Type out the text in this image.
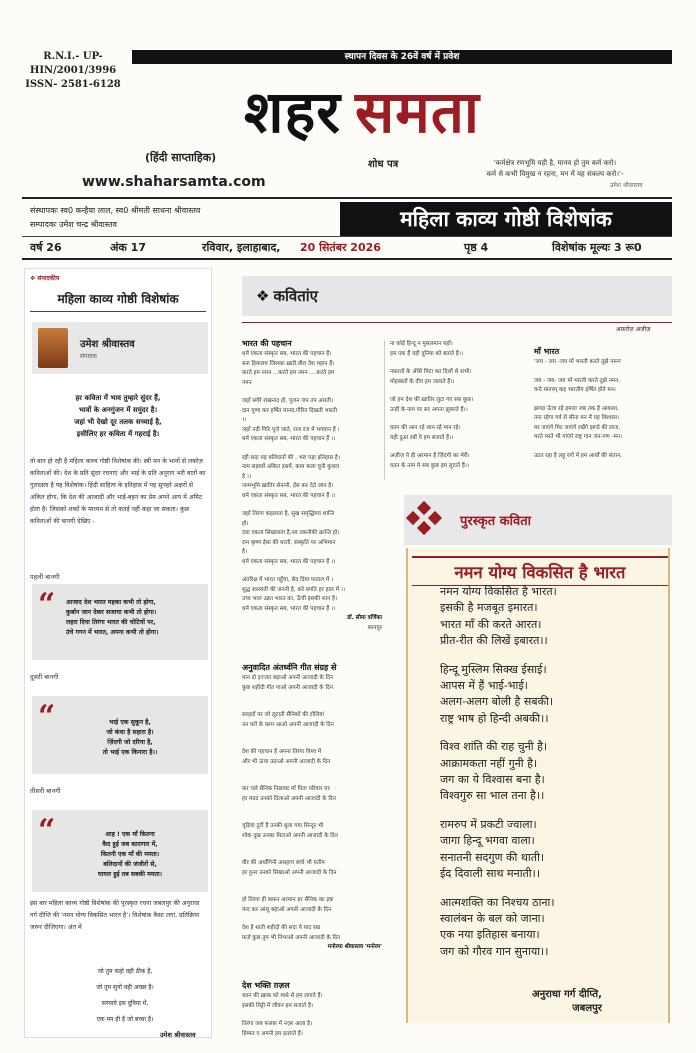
R.N.I.- UP-
HIN/2001/3996
ISSN- 2581-6128
स्थापन दिवस के 26वें वर्ष में प्रवेश
शहर समता
(हिंदी साप्ताहिक)
www.shaharsamta.com
शोध पत्र	'कर्मक्षेत्र रणभूमि यही है, मानव हो तुम कर्म करो।
कर्म से कभी विमुख न रहना, मन में यह संकल्प करो।'-
उमेश श्रीवास्तव
संस्थापकः स्व0 कन्हैया लाल, स्व0 श्रीमती साधना श्रीवास्तव
सम्पादकः उमेश चन्द्र श्रीवास्तव	महिला काव्य गोष्ठी विशेषांक
वर्ष 26	अंक 17	रविवार, इलाहाबाद, 20 सितंबर 2026	पृष्ठ 4	विशेषांक मूल्यः 3 रू0
❖ संपादकीय
महिला काव्य गोष्ठी विशेषांक
उमेश श्रीवास्तव
संपादक
हर कविता में भाव तुम्हारे सुंदर हैं,
भावों के अनगुंजन में समुंदर है।
जहां भी देखो दूर तलक सच्चाई है,
इसीलिए हर कविता में गहराई है।
तो बात हो रही है महिला काव्य गोष्ठी विशेषांक की। स्त्री मन के भावों से लबरेज़ कविताओं की। देश के प्रति सुंदर रचनाएं और भाई के प्रति अनुराग भरी बातों का गुलदस्ता है यह विशेषांक। हिंदी साहित्य के इतिहास में यह सुनहरे अक्षरों से अंकित होगा, कि देश की आजादी और भाई-बहन का प्रेम अपने आप में अमिट होता है। जिसको शब्दों के माध्यम से तो कतई नहीं कहा जा सकता। कुछ कविताओं की बानगी देखिए -
पहली बानगी
“ आजाद देश भारत महका कभी तो होगा,
कुर्बान जान देकर सजाया कभी तो होगा।
लहरा दिया तिरंगा भारत की चोटियों पर,
उंचे गगन में भारत, अपना कभी तो होगा।
दूसरी बानगी
“	भाई एक सुकून है,
जो कंधा है सहारा है।
ज़िंदगी जो दरिया है,
तो भाई एक किनारा है।।
तीसरी बानगी
“	आह ! एक माँ कितना
कैद हुई जब कारागार में,
कितनी एक माँ की ममता।
बलिदानों की जंजीरों से,
घायल हुई तब सबकी ममता।
इस बार महिला काव्य गोष्ठी विशेषांक की पुरस्कृत रचना जबलपुर की अनुराधा गर्ग दीप्ति की 'नमन योग्य विकसित भारत है'। विशेषांक कैसा लगा, प्रतिक्रिया जरूर दीजिएगा। अंत में
जो तुम कहो वही ठीक है,
जो तुम सुनो वही अच्छा है।
सरमाये इस दुनिया में,
एक मन ही है जो बच्चा है।
उमेश श्रीवास्तव
❖ कवितांए
अफ़रोज़ अज़ीज़
भारत की पहचान
धर्म एकता संस्कृत सब, भारत की पहचान हैं।
बना हिमालय जिसका ख़ारी,वीरा देश महान हैं।
करते हम नमन ...करते हम नमन ....करते हम
नमन
जहाँ सवेरे शंखनाद हो, पूजन जप तप आरती।
दान पुण्य कर हर्षित मानव,गौरित दिखती भारती
।।
जहाँ नदी गिरि पूजे जाते, राज रज में भगवान हैं ।
धर्म एकता संस्कृत सब, भारत की पहचान हैं ।।
रही सदा यह बलिदानों की , भरा पड़ा इतिहास है।
नाम सहस्त्रों अंकित इसमें, काम कला घुनी कुशल
है ।।
जन्मभूमि ख़ातिर सेनानी, हँस कर देते जान है।
धर्म एकता संस्कृत सब, भारत की पहचान हैं ।।
जहाँ तिरंगा कहलाता है, सुख समृद्धिमय शान्ति
हो।
दया एकता सिखलाता है,नव तकनीकी क्रान्ति हो।
राम कृष्ण ईसा की धरती, संस्कृति पर अभिमान
है।
धर्म एकता संस्कृत सब, भारत की पहचान हैं ।।
अंतरिक्ष में भारत पहुँचा, छेद दिया पाताल में ।
शुद्ध सरस्वती की जननी है, करे प्रगति हर हाल में ।।
उच्च भाल उन्नत भारत का, ऊँची इसकी शान है।
धर्म एकता संस्कृत सब, भारत की पहचान हैं ।।
डॉ. सीमा वर्णिका
कानपुर
अनुवादित अंतर्ध्वनि गीत संग्रह से
मान दो इज्जत बढ़ाओ अपनी आजादी के दिन
कुछ शहीदी गीत गाओ अपनी आजादी के दिन
सरहदों पर जो लुटाती सैनिकों की टोलियां
उन घरों के काम आओ अपनी आजादी के दिन
देश की पहचान है अपना तिरंगा विश्व में
और भी ऊंचा उठाओ अपनी आजादी के दिन
कर चले सैनिक निछावर माँ पिता परिवार घर
हर मदद उनको दिलाओ अपनी आजादी के दिन
चूड़ियां टूटीं हैं उनकी धुला गया सिन्दूर भी
शोक दुख उनका मिटाओ अपनी आजादी के दिन
वीर की अर्धांगिनी असहाय बच्चे भी यतीम
हर हुनर उनको सिखाओ अपनी आजादी के दिन
हो तिरंगा ही कफ़न अरमान हर सैनिक का इक
याद कर आंसू बहाओ अपनी आजादी के दिन
देश है थाती शहीदों की सदा ये याद रख
फ़र्ज़ कुछ तुम भी निभाओ अपनी आजादी के दिन
मनोरमा श्रीवास्तव 'मनोरम'
देश भक्ति ग़ज़ल
वतन की ख़ाक को माथे से हम लगाते हैं।
इसकी मिट्टी में जीवन हम सजाते हैं।
तिरंगा जब फलक में नज़र आता है।
हिम्मत ए अपनी हम इतराते हैं।
ना कोई हिन्दू न मुसलमान यहाँ।
हम एक हैं यही दुनिया को बताते हैं।।
नफ़रतों के अँधेरे मिटा कर दिलों से सभी।
मोहब्बतों के दीप हम जलाते हैं।।
जो हम देश की ख़ातिर लुटा गए सब कुछ।
उन्हीं के नाम पर सर अपना झुकाते हैं।।
वतन की आन रहे शान रहे मान रहे।
यही दुआ रबों ये हम सजाते हैं।।
अज़ीज़ ये ही अरमान है ज़िंदगी का मेरी।
वतन के नाम ये सब कुछ हम लुटाते हैं।।
माँ भारत
'जय - जय -जय माँ भारती करते तुझे नमन'
जय - जय- जय माँ भारती करते तुझे नमन,
वन्दे मातरम् कह भारतीय हर्षित होते मन।
झण्डा ऊँचा रहे हमारा जब तक है आकाश,
तना रहेगा गर्व से सीना मन में यह विश्वास।
मर जाएंगे मिट जाएंगे रखेंगे झण्डे की लाज,
मरते मरते भी गाएंगे राष्ट्र गान जन-गण -मन।
उठत रहा है लहू रगों में हम आर्यों की संतान,
पुरस्कृत कविता
नमन योग्य विकसित है भारत
नमन योग्य विकसित है भारत।
इसकी है मजबूत इमारत।
भारत माँ की करते आरत।
प्रीत-रीत की लिखें इबारत।।
हिन्दू मुस्लिम सिक्ख ईसाई।
आपस में हैं भाई-भाई।
अलग-अलग बोली है सबकी।
राष्ट्र भाष हो हिन्दी अबकी।।
विश्व शांति की राह चुनी है।
आक्रामकता नहीं गुनी है।
जग का ये विश्वास बना है।
विश्वगुरु सा भाल तना है।।
रामरुप में प्रकटी ज्वाला।
जागा हिन्दू भगवा वाला।
सनातनी सदगुण की थाती।
ईद दिवाली साथ मनाती।।
आत्मशक्ति का निश्चय ठाना।
स्वालंबन के बल को जाना।
एक नया इतिहास बनाया।
जग को गौरव गान सुनाया।।
अनुराधा गर्ग दीप्ति,
जबलपुर
